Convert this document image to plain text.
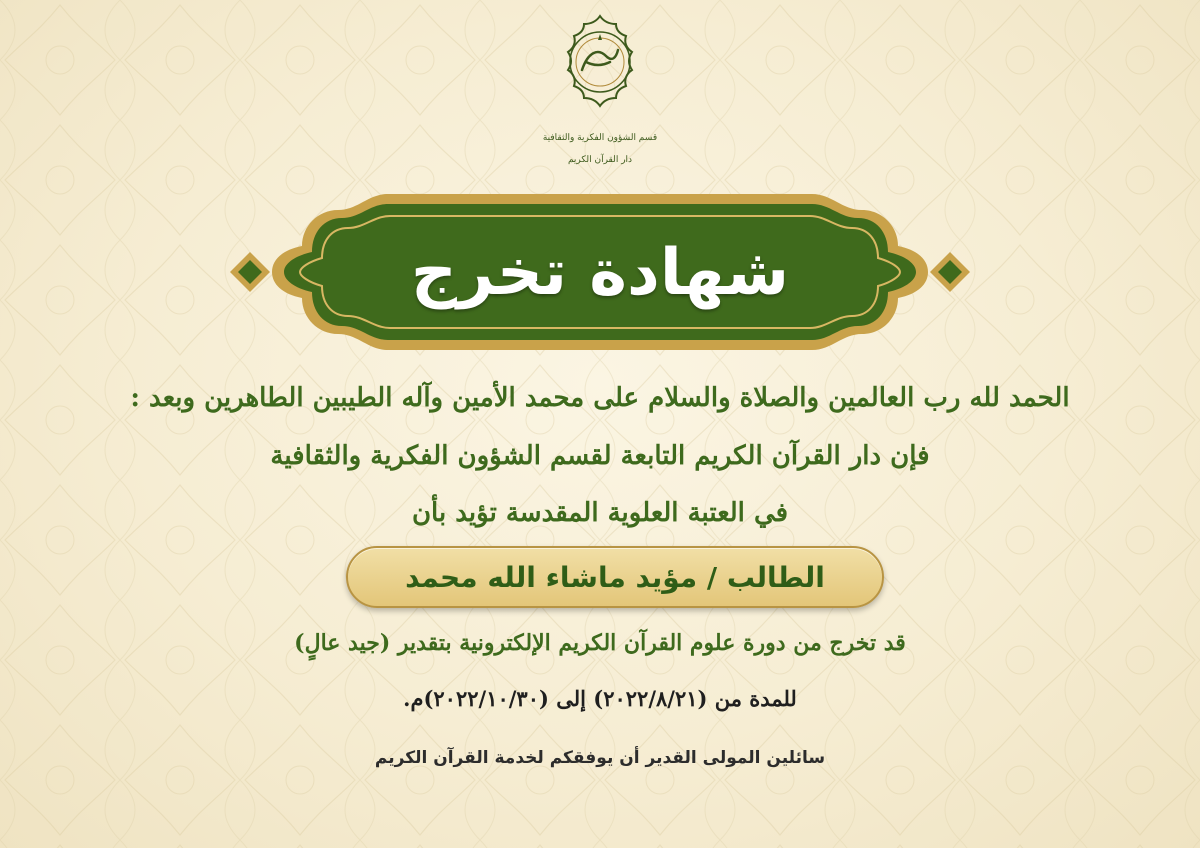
قسم الشؤون الفكرية والثقافية
دار القرآن الكريم
شهادة تخرج
الحمد لله رب العالمين والصلاة والسلام على محمد الأمين وآله الطيبين الطاهرين وبعد :
فإن دار القرآن الكريم التابعة لقسم الشؤون الفكرية والثقافية
في العتبة العلوية المقدسة تؤيد بأن
الطالب / مؤيد ماشاء الله محمد
قد تخرج من دورة علوم القرآن الكريم الإلكترونية بتقدير (جيد عالٍ)
للمدة من (٢٠٢٢/٨/٢١) إلى (٢٠٢٢/١٠/٣٠)م.
سائلين المولى القدير أن يوفقكم لخدمة القرآن الكريم
